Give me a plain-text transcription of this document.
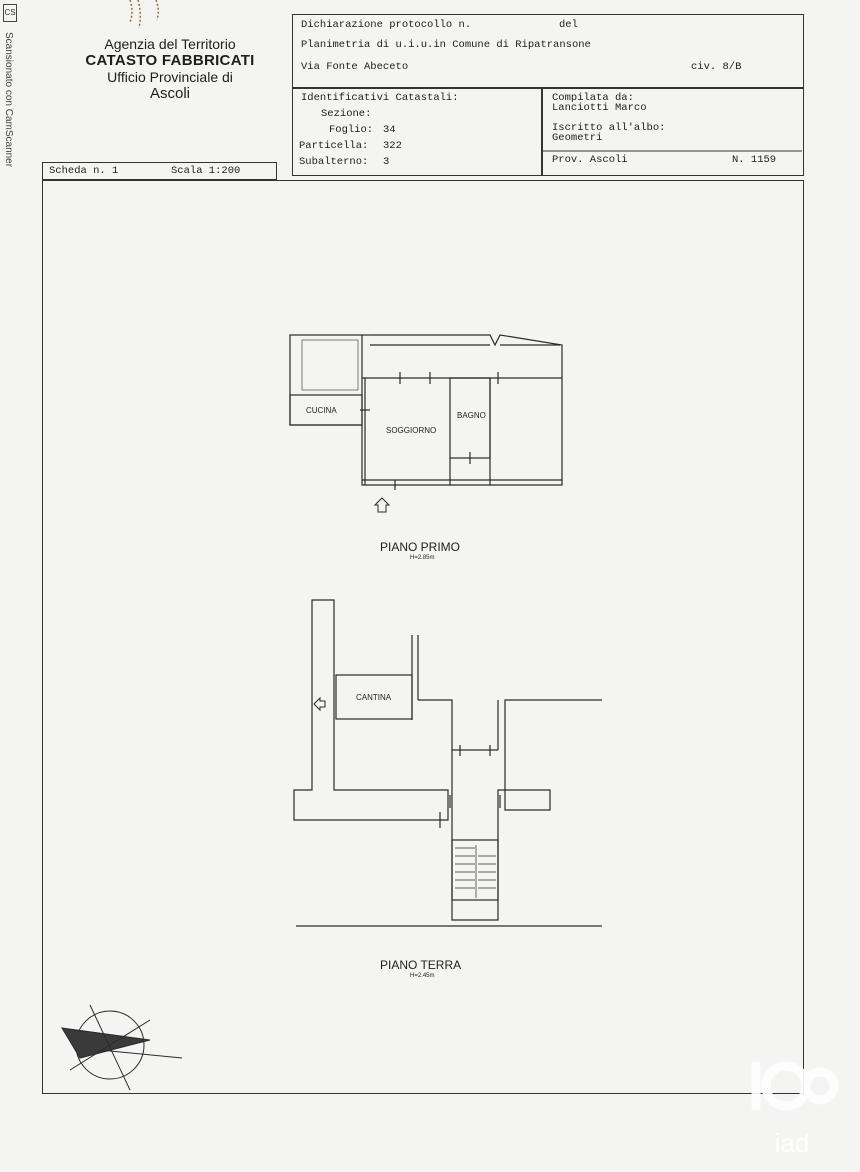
CS
Scansionato con CamScanner	Agenzia del Territorio
CATASTO FABBRICATI
Ufficio Provinciale di
Ascoli
Dichiarazione protocollo n.	del
Planimetria di u.i.u.in Comune di Ripatransone
Via Fonte Abeceto	civ. 8/B
Identificativi Catastali:
Sezione:
Foglio: 34
Particella: 322
Subalterno: 3
Compilata da:
Lanciotti Marco
Iscritto all'albo:
Geometri
Prov. Ascoli	N. 1159
Scheda n. 1	Scala 1:200
CUCINA
SOGGIORNO
BAGNO
CANTINA
PIANO PRIMO
H=2.85m
PIANO TERRA
H=2.45m
iad
